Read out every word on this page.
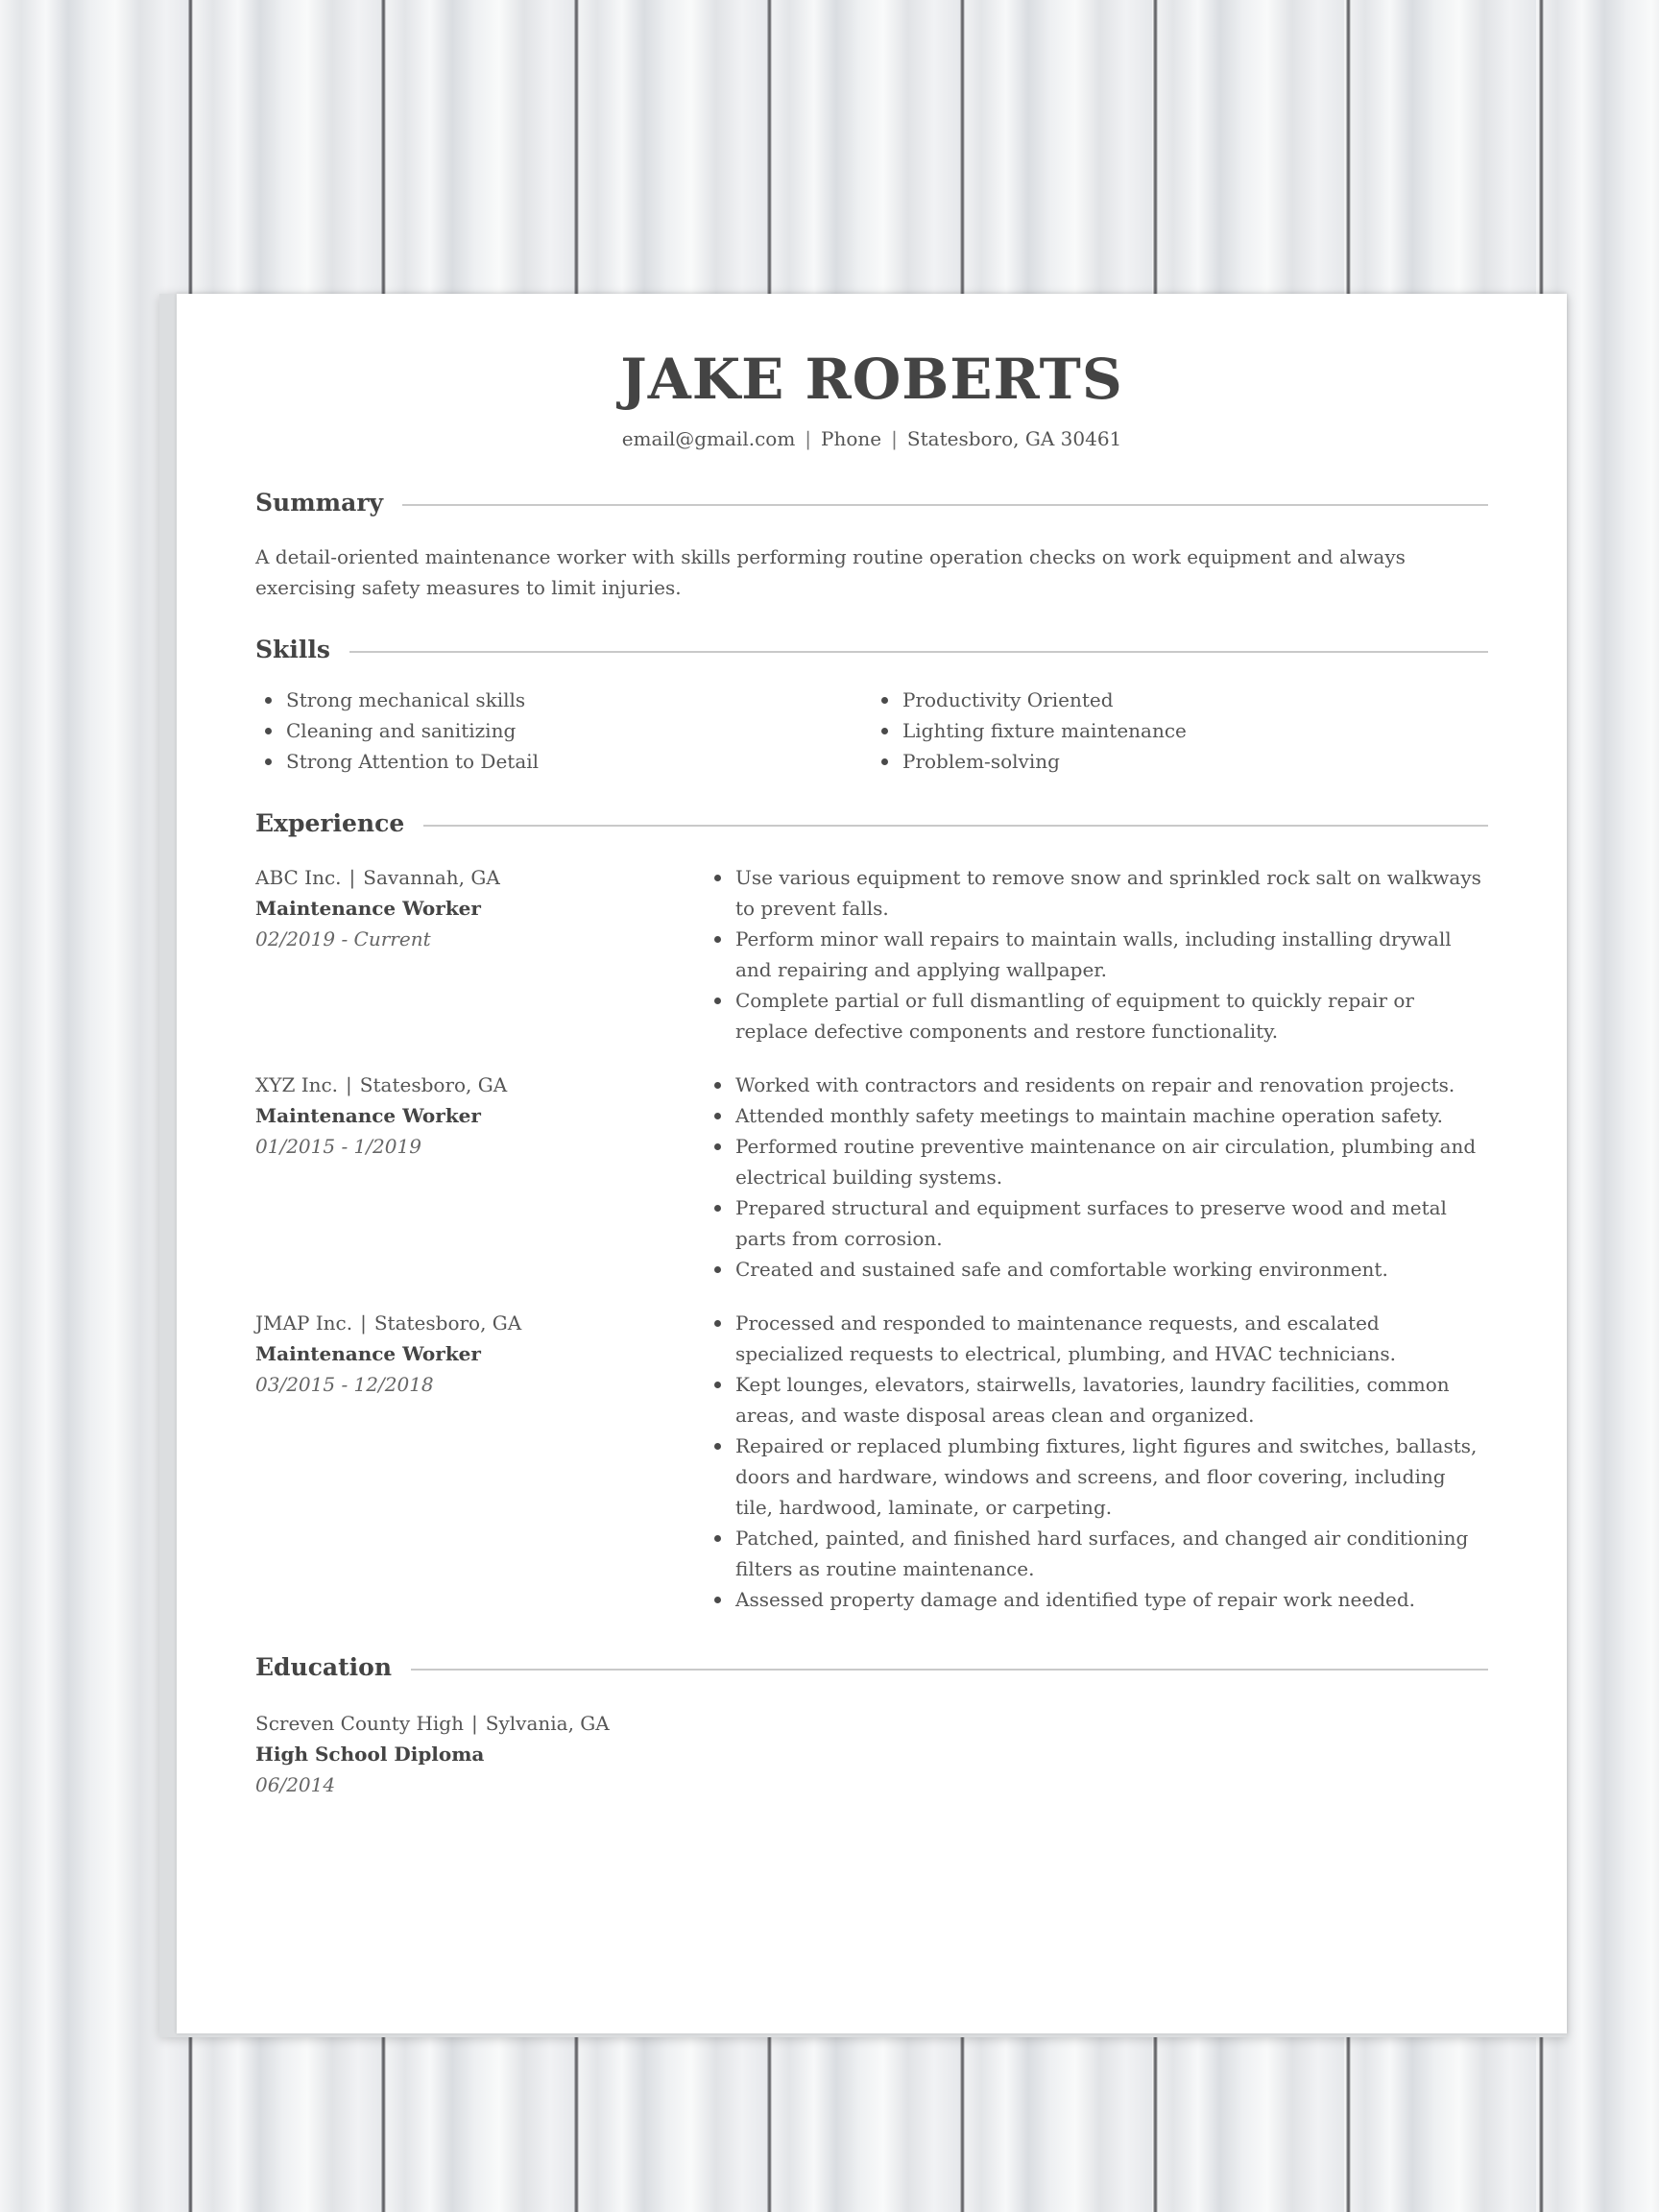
JAKE ROBERTS
email@gmail.com | Phone | Statesboro, GA 30461
Summary
A detail-oriented maintenance worker with skills performing routine operation checks on work equipment and always exercising safety measures to limit injuries.
Skills
Strong mechanical skills
Cleaning and sanitizing
Strong Attention to Detail
Productivity Oriented
Lighting fixture maintenance
Problem-solving
Experience
ABC Inc. | Savannah, GA
Maintenance Worker
02/2019 - Current
Use various equipment to remove snow and sprinkled rock salt on walkways to prevent falls.
Perform minor wall repairs to maintain walls, including installing drywall and repairing and applying wallpaper.
Complete partial or full dismantling of equipment to quickly repair or replace defective components and restore functionality.
XYZ Inc. | Statesboro, GA
Maintenance Worker
01/2015 - 1/2019
Worked with contractors and residents on repair and renovation projects.
Attended monthly safety meetings to maintain machine operation safety.
Performed routine preventive maintenance on air circulation, plumbing and electrical building systems.
Prepared structural and equipment surfaces to preserve wood and metal parts from corrosion.
Created and sustained safe and comfortable working environment.
JMAP Inc. | Statesboro, GA
Maintenance Worker
03/2015 - 12/2018
Processed and responded to maintenance requests, and escalated specialized requests to electrical, plumbing, and HVAC technicians.
Kept lounges, elevators, stairwells, lavatories, laundry facilities, common areas, and waste disposal areas clean and organized.
Repaired or replaced plumbing fixtures, light figures and switches, ballasts, doors and hardware, windows and screens, and floor covering, including tile, hardwood, laminate, or carpeting.
Patched, painted, and finished hard surfaces, and changed air conditioning filters as routine maintenance.
Assessed property damage and identified type of repair work needed.
Education
Screven County High | Sylvania, GA
High School Diploma
06/2014
